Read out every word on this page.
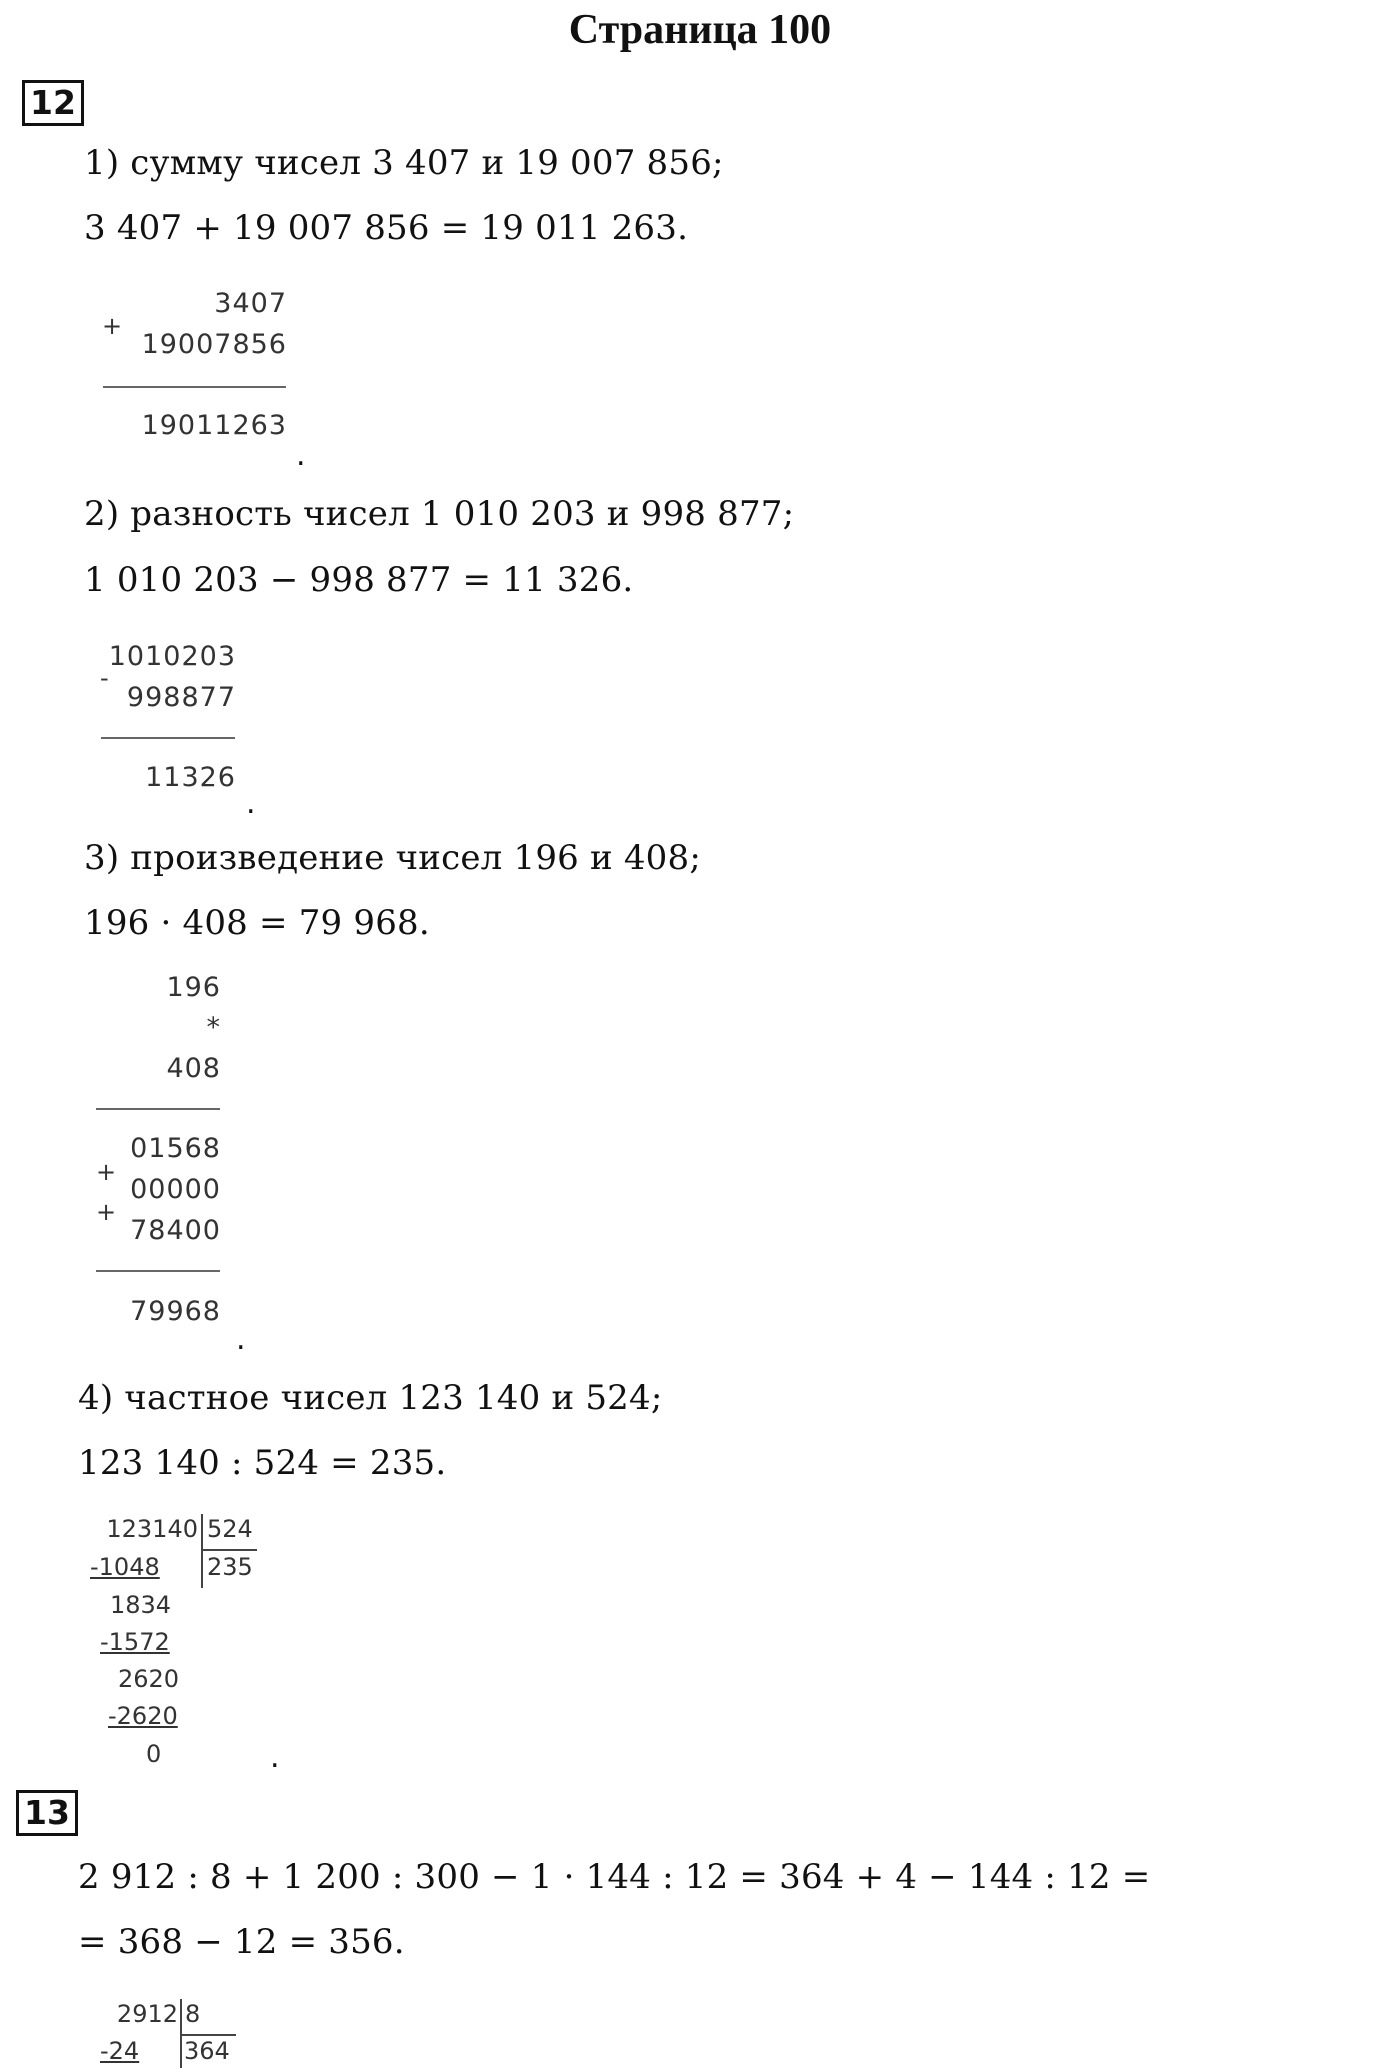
Страница 100
12
1) сумму чисел 3 407 и 19 007 856;
3 407 + 19 007 856 = 19 011 263.
3407
+
19007856
19011263
.
2) разность чисел 1 010 203 и 998 877;
1 010 203 − 998 877 = 11 326.
1010203
-
998877
11326
.
3) произведение чисел 196 и 408;
196 · 408 = 79 968.
196
*
408
01568
+
00000
+
78400
79968
.
4) частное чисел 123 140 и 524;
123 140 : 524 = 235.
123140 524
235
-1048
1834
-1572
2620
-2620
0	.
13
2 912 : 8 + 1 200 : 300 − 1 · 144 : 12 = 364 + 4 − 144 : 12 =
= 368 − 12 = 356.
2912 8
364
-24
